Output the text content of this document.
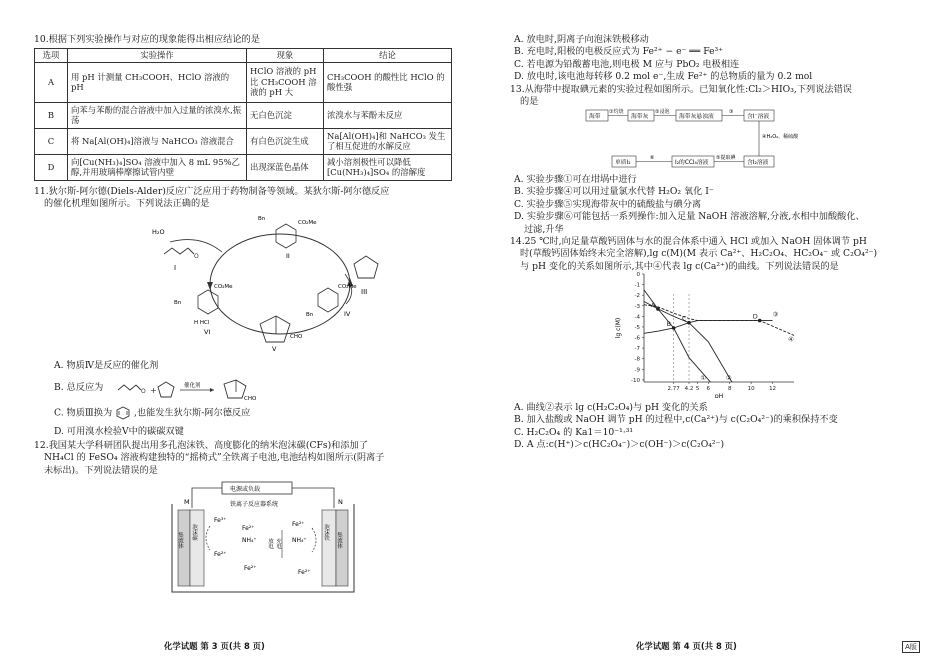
10.根据下列实验操作与对应的现象能得出相应结论的是
选项	实验操作	现象	结论
A	用 pH 计测量 CH₃COOH、HClO 溶液的 pH	HClO 溶液的 pH 比 CH₃COOH 溶液的 pH 大	CH₃COOH 的酸性比 HClO 的酸性强
B	向苯与苯酚的混合溶液中加入过量的浓溴水,振荡	无白色沉淀	浓溴水与苯酚未反应
C	将 Na[Al(OH)₄]溶液与 NaHCO₃ 溶液混合	有白色沉淀生成	Na[Al(OH)₄]和 NaHCO₃ 发生了相互促进的水解反应
D	向[Cu(NH₃)₄]SO₄ 溶液中加入 8 mL 95%乙醇,并用玻璃棒摩擦试管内壁	出现深蓝色晶体	减小溶剂极性可以降低[Cu(NH₃)₄]SO₄ 的溶解度
11.狄尔斯-阿尔德(Diels-Alder)反应广泛应用于药物制备等领域。某狄尔斯-阿尔德反应
的催化机理如图所示。下列说法正确的是
H₂O
O
I
III
Bn
CO₂Me
II
Bn
CO₂Me
H HCl
VI
CO₂Me
Bn	IV
CHO
V
A. 物质Ⅳ是反应的催化剂
B. 总反应为	O +	催化剂
CHO
C. 物质Ⅲ换为 ,也能发生狄尔斯-阿尔德反应
D. 可用溴水检验Ⅴ中的碳碳双键
12.我国某大学科研团队提出用多孔泡沫铁、高度膨化的纳米泡沫碳(CFs)和添加了
NH₄Cl 的 FeSO₄ 溶液构建独特的“摇椅式”全铁离子电池,电池结构如图所示(阴离子
未标出)。下列说法错误的是
电源或负载
M	N
铁离子反应器系统
集流体 泡沫碳	泡沫铁 集流体
Fe³⁺
Fe²⁺
Fe²⁺
NH₄⁺
Fe²⁺
放电 充电
Fe²⁺
NH₄⁺
Fe²⁺
化学试题 第 3 页(共 8 页)
A. 放电时,阴离子向泡沫铁极移动
B. 充电时,阳极的电极反应式为 Fe²⁺ − e⁻ ══ Fe³⁺
C. 若电源为铅酸蓄电池,则电极 M 应与 PbO₂ 电极相连
D. 放电时,该电池每转移 0.2 mol e⁻,生成 Fe²⁺ 的总物质的量为 0.2 mol
13.从海带中提取碘元素的实验过程如图所示。已知氧化性:Cl₂＞HIO₃,下列说法错误
的是
海带
①灼烧
海带灰
②浸泡
海带灰悬浊液
③
含I⁻溶液
④H₂O₂、稀硫酸
含I₂溶液
⑤提取碘
I₂的CCl₄溶液
⑥
单质I₂
A. 实验步骤①可在坩埚中进行
B. 实验步骤④可以用过量氯水代替 H₂O₂ 氧化 I⁻
C. 实验步骤⑤实现海带灰中的硫酸盐与碘分离
D. 实验步骤⑥可能包括一系列操作:加入足量 NaOH 溶液溶解,分液,水相中加酸酸化、
过滤,升华
14.25 ℃时,向足量草酸钙固体与水的混合体系中通入 HCl 或加入 NaOH 固体调节 pH
时(草酸钙固体始终未完全溶解),lg c(M)(M 表示 Ca²⁺、H₂C₂O₄、HC₂O₄⁻ 或 C₂O₄²⁻)
与 pH 变化的关系如图所示,其中④代表 lg c(Ca²⁺)的曲线。下列说法错误的是
0
-1
-2
-3
-4
-5
-6
-7
-8
-9
-10
2.77 4.2 5 6	8	10	12
pH
lg c(M)
①	②
③
④
A
B
C	D
A. 曲线②表示 lg c(H₂C₂O₄)与 pH 变化的关系
B. 加入盐酸或 NaOH 调节 pH 的过程中,c(Ca²⁺)与 c(C₂O₄²⁻)的乘积保持不变
C. H₂C₂O₄ 的 Ka1＝10⁻¹·³¹
D. A 点:c(H⁺)＞c(HC₂O₄⁻)＞c(OH⁻)＞c(C₂O₄²⁻)
化学试题 第 4 页(共 8 页)	A版
